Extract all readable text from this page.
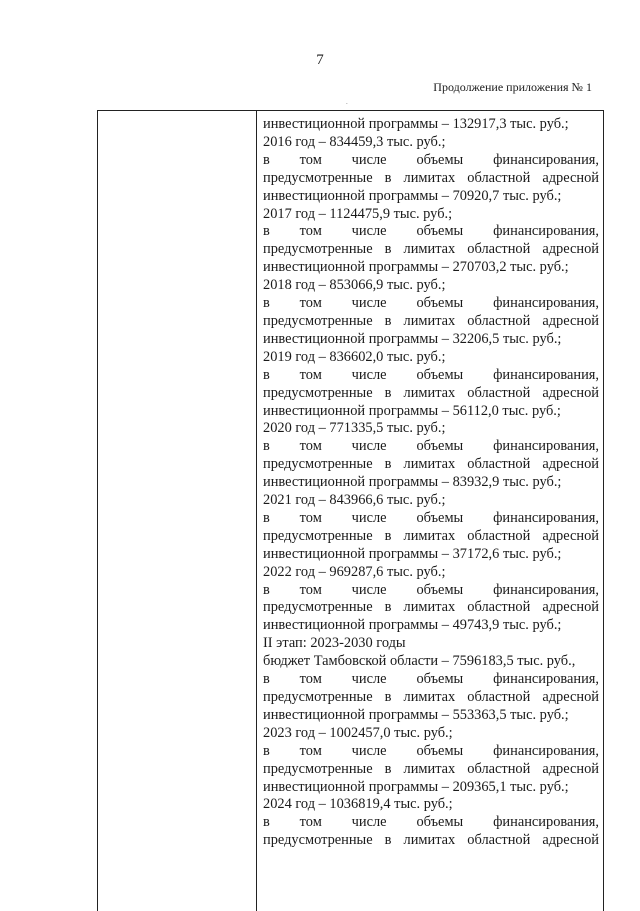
7
Продолжение приложения № 1
.

инвестиционной программы – 132917,3 тыс. руб.;

2016 год – 834459,3 тыс. руб.;

в том числе объемы финансирования,

предусмотренные в лимитах областной адресной

инвестиционной программы – 70920,7 тыс. руб.;

2017 год – 1124475,9 тыс. руб.;

в том числе объемы финансирования,

предусмотренные в лимитах областной адресной

инвестиционной программы – 270703,2 тыс. руб.;

2018 год – 853066,9 тыс. руб.;

в том числе объемы финансирования,

предусмотренные в лимитах областной адресной

инвестиционной программы – 32206,5 тыс. руб.;

2019 год – 836602,0 тыс. руб.;

в том числе объемы финансирования,

предусмотренные в лимитах областной адресной

инвестиционной программы – 56112,0 тыс. руб.;

2020 год – 771335,5 тыс. руб.;

в том числе объемы финансирования,

предусмотренные в лимитах областной адресной

инвестиционной программы – 83932,9 тыс. руб.;

2021 год – 843966,6 тыс. руб.;

в том числе объемы финансирования,

предусмотренные в лимитах областной адресной

инвестиционной программы – 37172,6 тыс. руб.;

2022 год – 969287,6 тыс. руб.;

в том числе объемы финансирования,

предусмотренные в лимитах областной адресной

инвестиционной программы – 49743,9 тыс. руб.;

II этап: 2023-2030 годы

бюджет Тамбовской области – 7596183,5 тыс. руб.,

в том числе объемы финансирования,

предусмотренные в лимитах областной адресной

инвестиционной программы – 553363,5 тыс. руб.;

2023 год – 1002457,0 тыс. руб.;

в том числе объемы финансирования,

предусмотренные в лимитах областной адресной

инвестиционной программы – 209365,1 тыс. руб.;

2024 год – 1036819,4 тыс. руб.;

в том числе объемы финансирования,

предусмотренные в лимитах областной адресной
